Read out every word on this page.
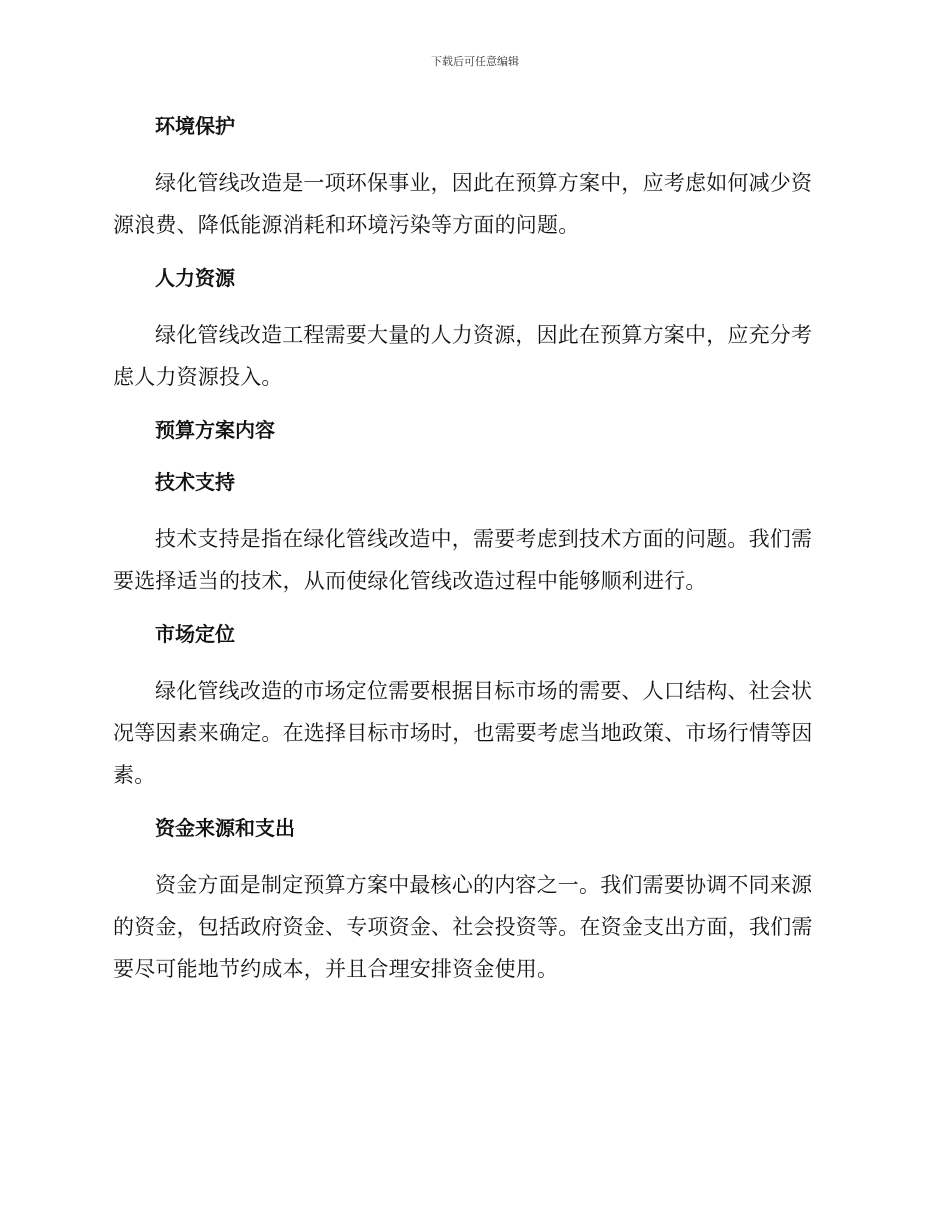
下载后可任意编辑
环境保护

绿化管线改造是一项环保事业，因此在预算方案中，应考虑如何减少资源浪费、降低能源消耗和环境污染等方面的问题。

人力资源

绿化管线改造工程需要大量的人力资源，因此在预算方案中，应充分考虑人力资源投入。

预算方案内容
技术支持

技术支持是指在绿化管线改造中，需要考虑到技术方面的问题。我们需要选择适当的技术，从而使绿化管线改造过程中能够顺利进行。

市场定位

绿化管线改造的市场定位需要根据目标市场的需要、人口结构、社会状况等因素来确定。在选择目标市场时，也需要考虑当地政策、市场行情等因素。

资金来源和支出

资金方面是制定预算方案中最核心的内容之一。我们需要协调不同来源的资金，包括政府资金、专项资金、社会投资等。在资金支出方面，我们需要尽可能地节约成本，并且合理安排资金使用。
